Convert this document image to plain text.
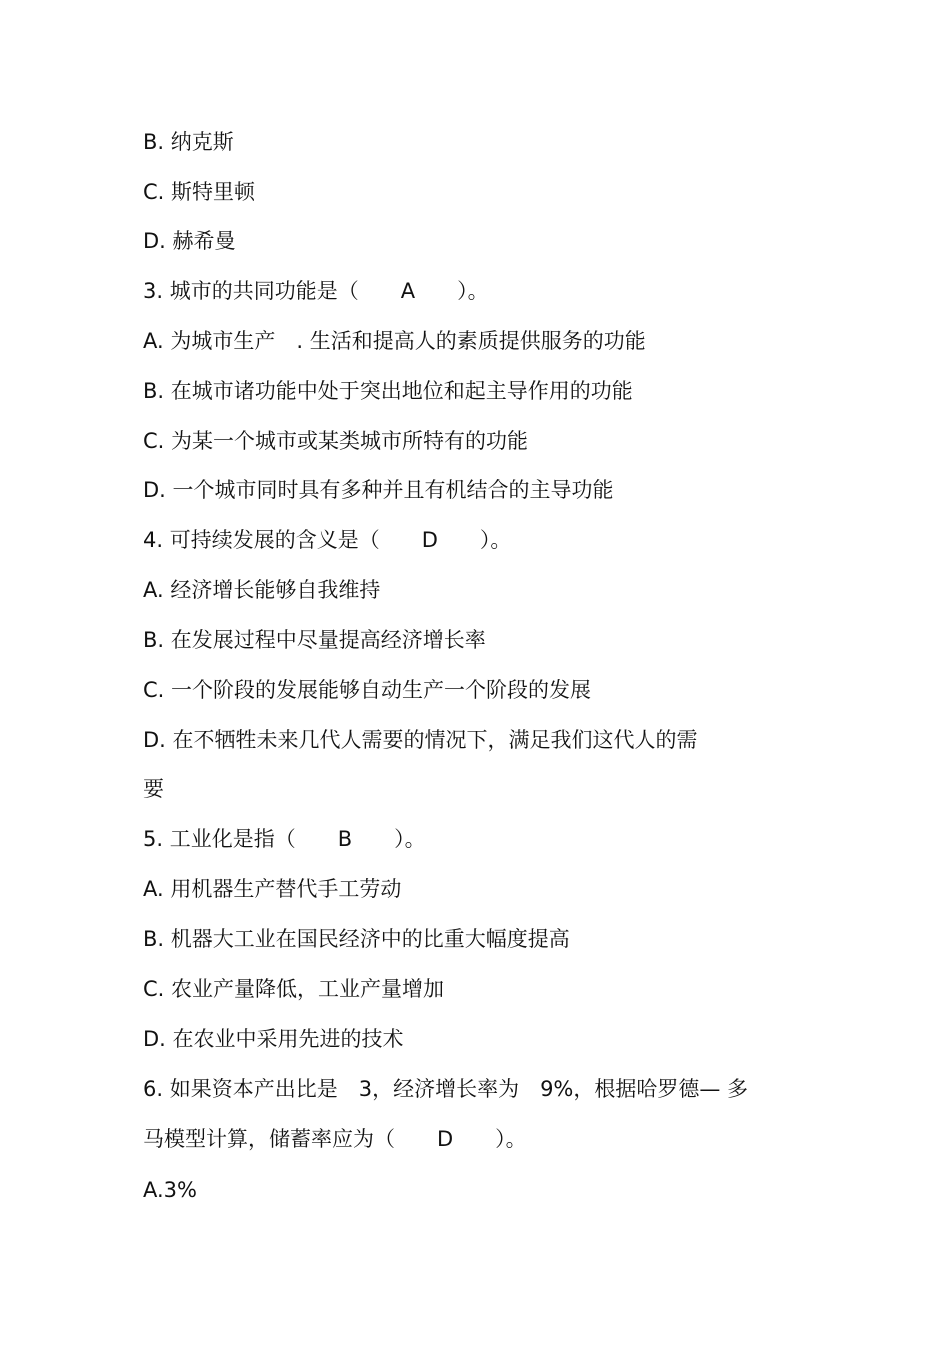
B. 纳克斯
C. 斯特里顿
D. 赫希曼
3. 城市的共同功能是（　　A　　）。
A. 为城市生产　. 生活和提高人的素质提供服务的功能
B. 在城市诸功能中处于突出地位和起主导作用的功能
C. 为某一个城市或某类城市所特有的功能
D. 一个城市同时具有多种并且有机结合的主导功能
4. 可持续发展的含义是（　　D　　）。
A. 经济增长能够自我维持
B. 在发展过程中尽量提高经济增长率
C. 一个阶段的发展能够自动生产一个阶段的发展
D. 在不牺牲未来几代人需要的情况下，满足我们这代人的需
要
5. 工业化是指（　　B　　）。
A. 用机器生产替代手工劳动
B. 机器大工业在国民经济中的比重大幅度提高
C. 农业产量降低，工业产量增加
D. 在农业中采用先进的技术
6. 如果资本产出比是　3，经济增长率为　9%，根据哈罗德— 多
马模型计算，储蓄率应为（　　D　　）。
A.3%
